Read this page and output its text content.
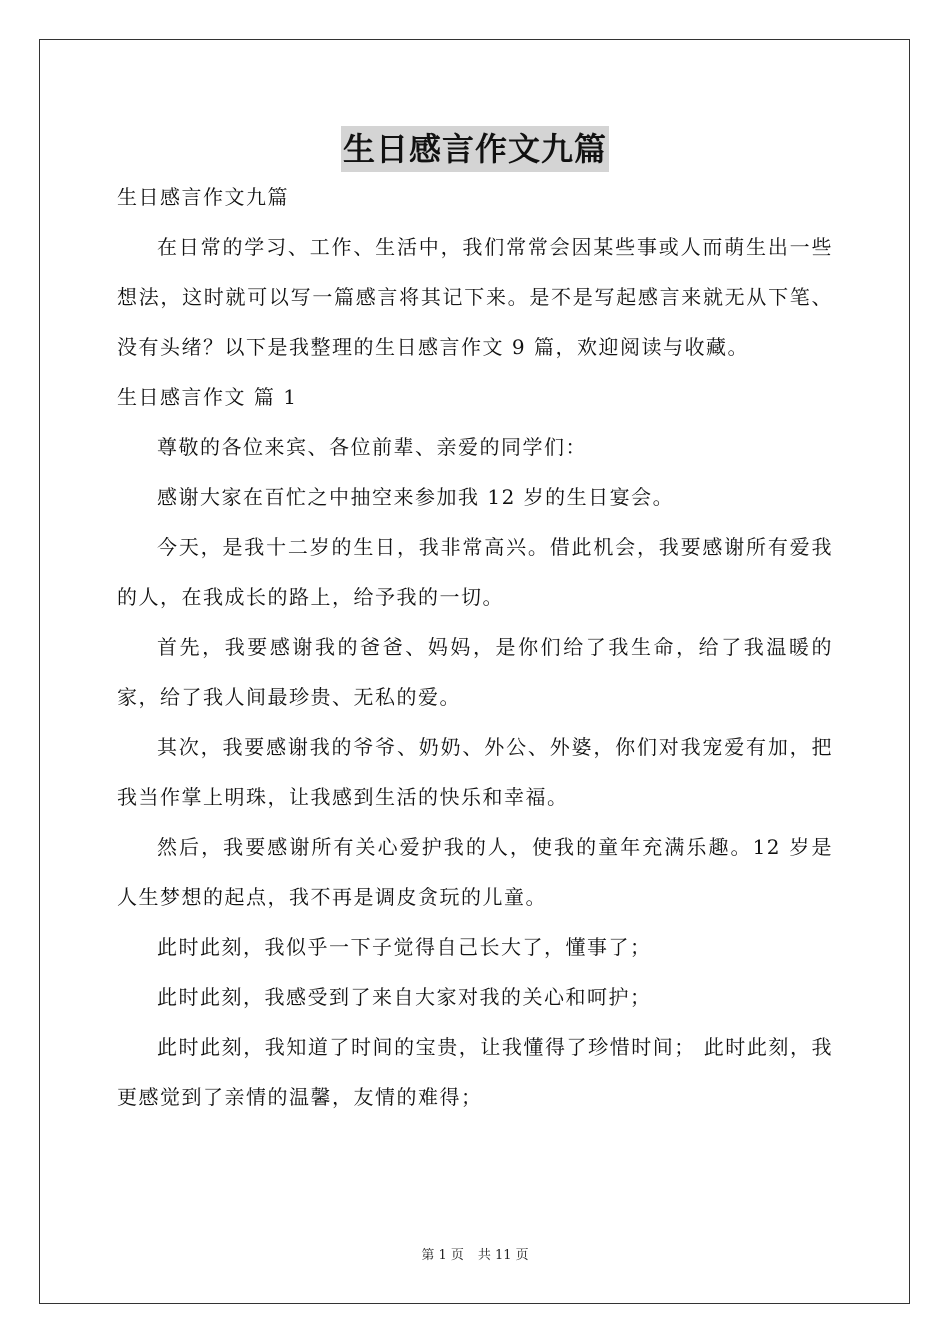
生日感言作文九篇

生日感言作文九篇

在日常的学习、工作、生活中，我们常常会因某些事或人而萌生出一些想法，这时就可以写一篇感言将其记下来。是不是写起感言来就无从下笔、没有头绪？以下是我整理的生日感言作文 9 篇，欢迎阅读与收藏。

生日感言作文 篇 1

尊敬的各位来宾、各位前辈、亲爱的同学们：

感谢大家在百忙之中抽空来参加我 12 岁的生日宴会。

今天，是我十二岁的生日，我非常高兴。借此机会，我要感谢所有爱我的人，在我成长的路上，给予我的一切。

首先，我要感谢我的爸爸、妈妈，是你们给了我生命，给了我温暖的家，给了我人间最珍贵、无私的爱。

其次，我要感谢我的爷爷、奶奶、外公、外婆，你们对我宠爱有加，把我当作掌上明珠，让我感到生活的快乐和幸福。

然后，我要感谢所有关心爱护我的人，使我的童年充满乐趣。12 岁是人生梦想的起点，我不再是调皮贪玩的儿童。

此时此刻，我似乎一下子觉得自己长大了，懂事了；

此时此刻，我感受到了来自大家对我的关心和呵护；

此时此刻，我知道了时间的宝贵，让我懂得了珍惜时间； 此时此刻，我更感觉到了亲情的温馨，友情的难得；

第 1 页 共 11 页
